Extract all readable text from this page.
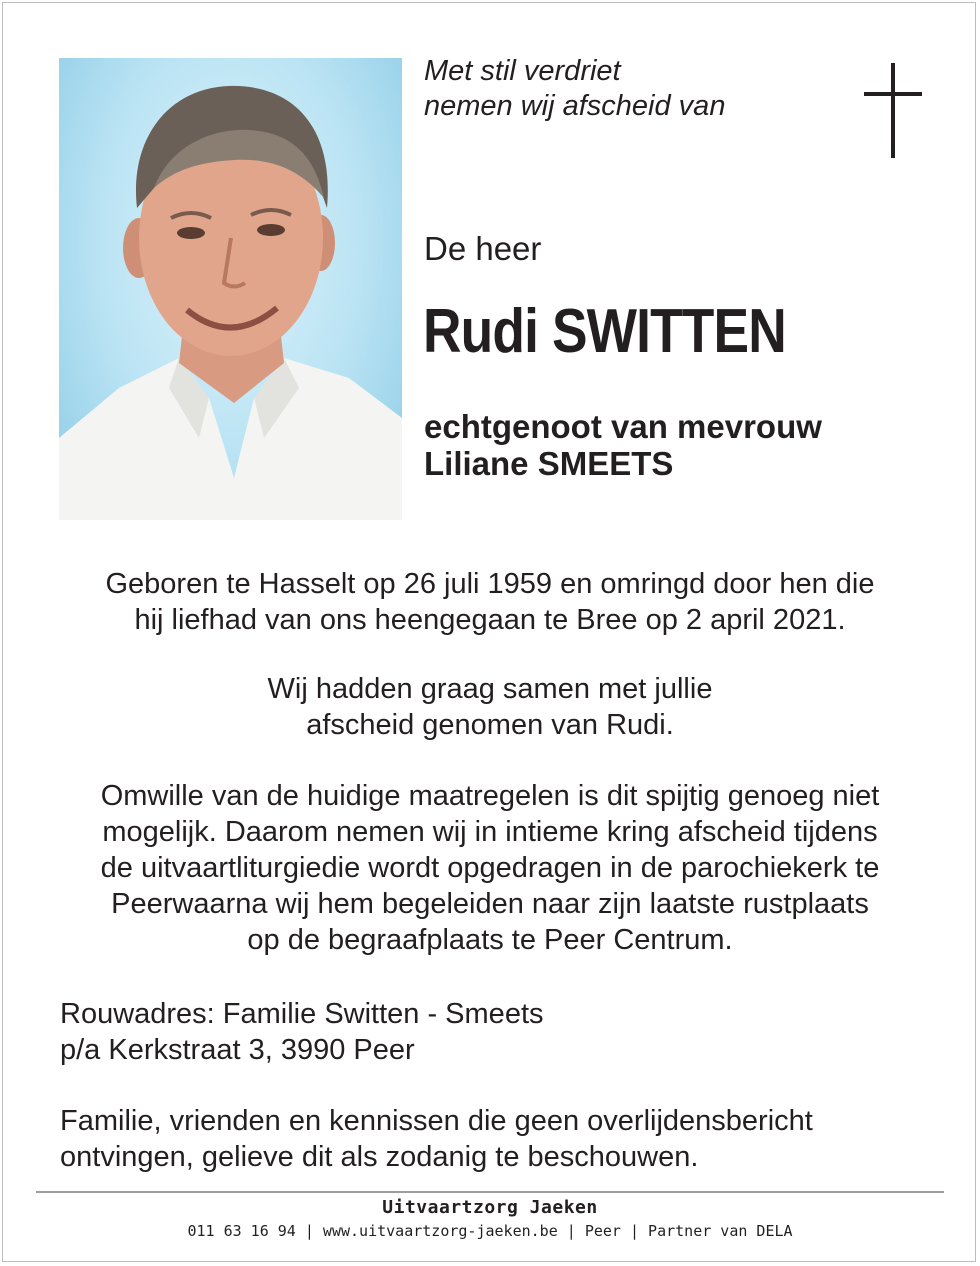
Met stil verdriet
nemen wij afscheid van
De heer
Rudi SWITTEN
echtgenoot van mevrouw
Liliane SMEETS
Geboren te Hasselt op 26 juli 1959 en omringd door hen die
hij liefhad van ons heengegaan te Bree op 2 april 2021.
Wij hadden graag samen met jullie
afscheid genomen van Rudi.
Omwille van de huidige maatregelen is dit spijtig genoeg niet
mogelijk. Daarom nemen wij in intieme kring afscheid tijdens
de uitvaartliturgiedie wordt opgedragen in de parochiekerk te
Peerwaarna wij hem begeleiden naar zijn laatste rustplaats
op de begraafplaats te Peer Centrum.
Rouwadres: Familie Switten - Smeets
p/a Kerkstraat 3, 3990 Peer
Familie, vrienden en kennissen die geen overlijdensbericht
ontvingen, gelieve dit als zodanig te beschouwen.
Uitvaartzorg Jaeken
011 63 16 94 | www.uitvaartzorg-jaeken.be | Peer | Partner van DELA
